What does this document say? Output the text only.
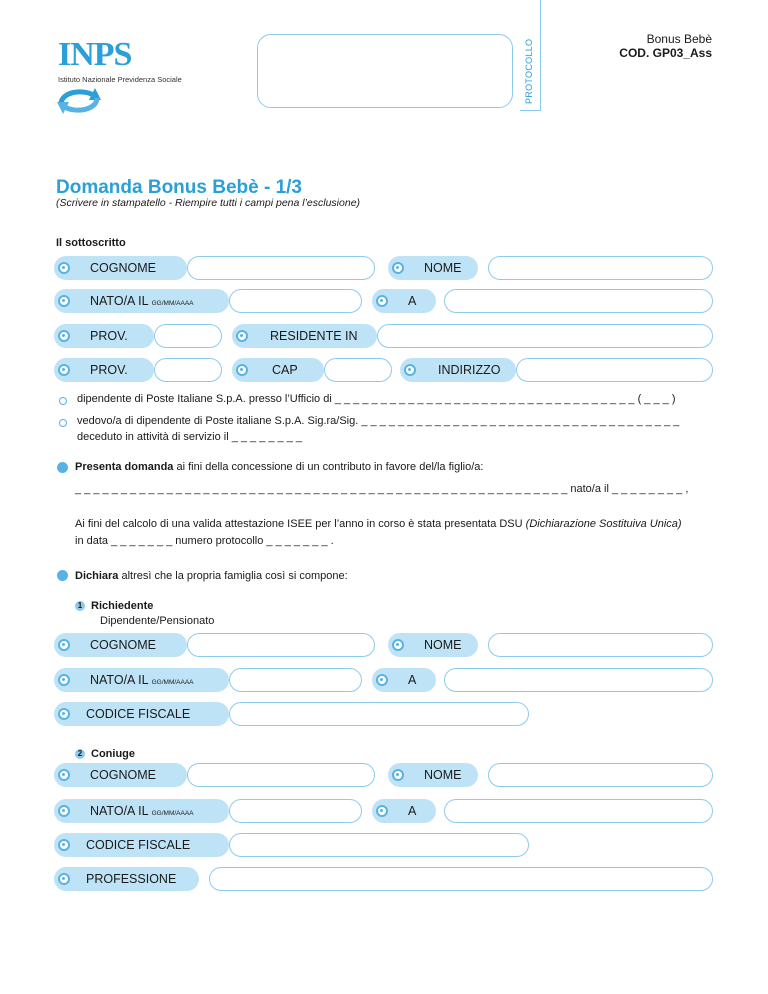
INPS
Istituto Nazionale Previdenza Sociale	PROTOCOLLO	Bonus Bebè
COD. GP03_Ass
Domanda Bonus Bebè - 1/3
(Scrivere in stampatello - Riempire tutti i campi pena l’esclusione)
Il sottoscritto
COGNOME	NOME
NATO/A IL GG/MM/AAAA	A
PROV.	RESIDENTE IN
PROV.	CAP	INDIRIZZO
dipendente di Poste Italiane S.p.A. presso l’Ufficio di _ _ _ _ _ _ _ _ _ _ _ _ _ _ _ _ _ _ _ _ _ _ _ _ _ _ _ _ _ _ _ _ _ ( _ _ _ )
vedovo/a di dipendente di Poste italiane S.p.A. Sig.ra/Sig. _ _ _ _ _ _ _ _ _ _ _ _ _ _ _ _ _ _ _ _ _ _ _ _ _ _ _ _ _ _ _ _ _ _ _
deceduto in attività di servizio il _ _ _ _ _ _ _ _
Presenta domanda ai fini della concessione di un contributo in favore del/la figlio/a:
_ _ _ _ _ _ _ _ _ _ _ _ _ _ _ _ _ _ _ _ _ _ _ _ _ _ _ _ _ _ _ _ _ _ _ _ _ _ _ _ _ _ _ _ _ _ _ _ _ _ _ _ _ _ nato/a il _ _ _ _ _ _ _ _ ,
Ai fini del calcolo di una valida attestazione ISEE per l’anno in corso è stata presentata DSU (Dichiarazione Sostituiva Unica)
in data _ _ _ _ _ _ _ numero protocollo _ _ _ _ _ _ _ .
Dichiara altresì che la propria famiglia così si compone:
1 Richiedente
Dipendente/Pensionato
COGNOME	NOME
NATO/A IL GG/MM/AAAA	A
CODICE FISCALE
2 Coniuge
COGNOME	NOME
NATO/A IL GG/MM/AAAA	A
CODICE FISCALE
PROFESSIONE
